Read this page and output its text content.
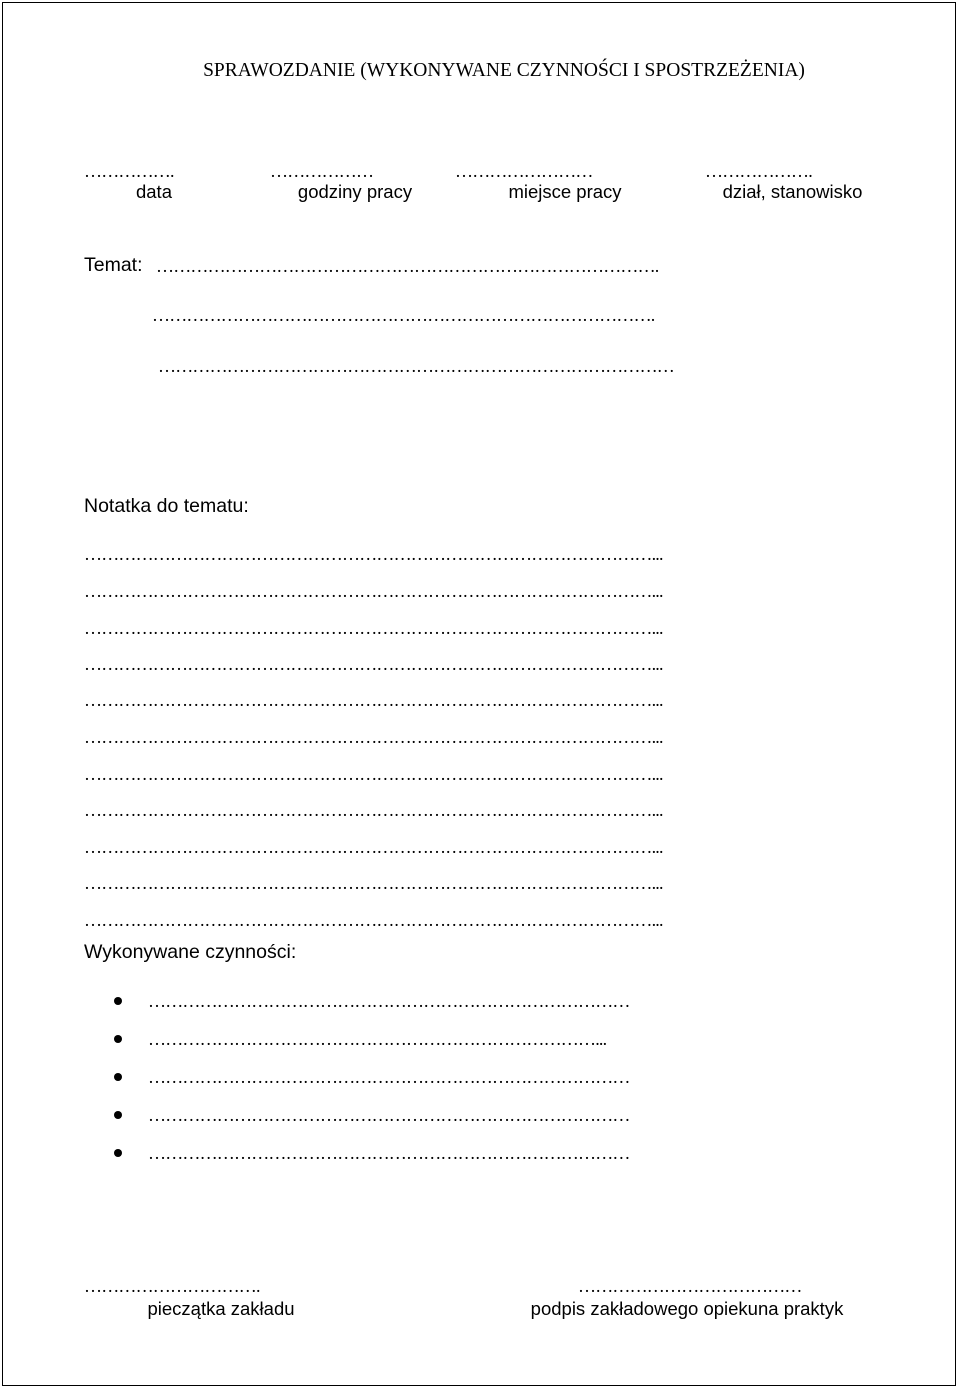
SPRAWOZDANIE (WYKONYWANE CZYNNOŚCI I SPOSTRZEŻENIA)
…………….	………………	……………………	……………….
data	godziny pracy	miejsce pracy	dział, stanowisko
Temat: …………………………………………………………………………….
…………………………………………………………………………….
………………………………………………………………………………
Notatka do tematu:
………………………………………………………………………………………...
………………………………………………………………………………………...
………………………………………………………………………………………...
………………………………………………………………………………………...
………………………………………………………………………………………...
………………………………………………………………………………………...
………………………………………………………………………………………...
………………………………………………………………………………………...
………………………………………………………………………………………...
………………………………………………………………………………………...
………………………………………………………………………………………...
Wykonywane czynności:
…………………………………………………………………………
……………………………………………………………………...
…………………………………………………………………………
…………………………………………………………………………
…………………………………………………………………………
………………………….
pieczątka zakładu
…………………………………
podpis zakładowego opiekuna praktyk
